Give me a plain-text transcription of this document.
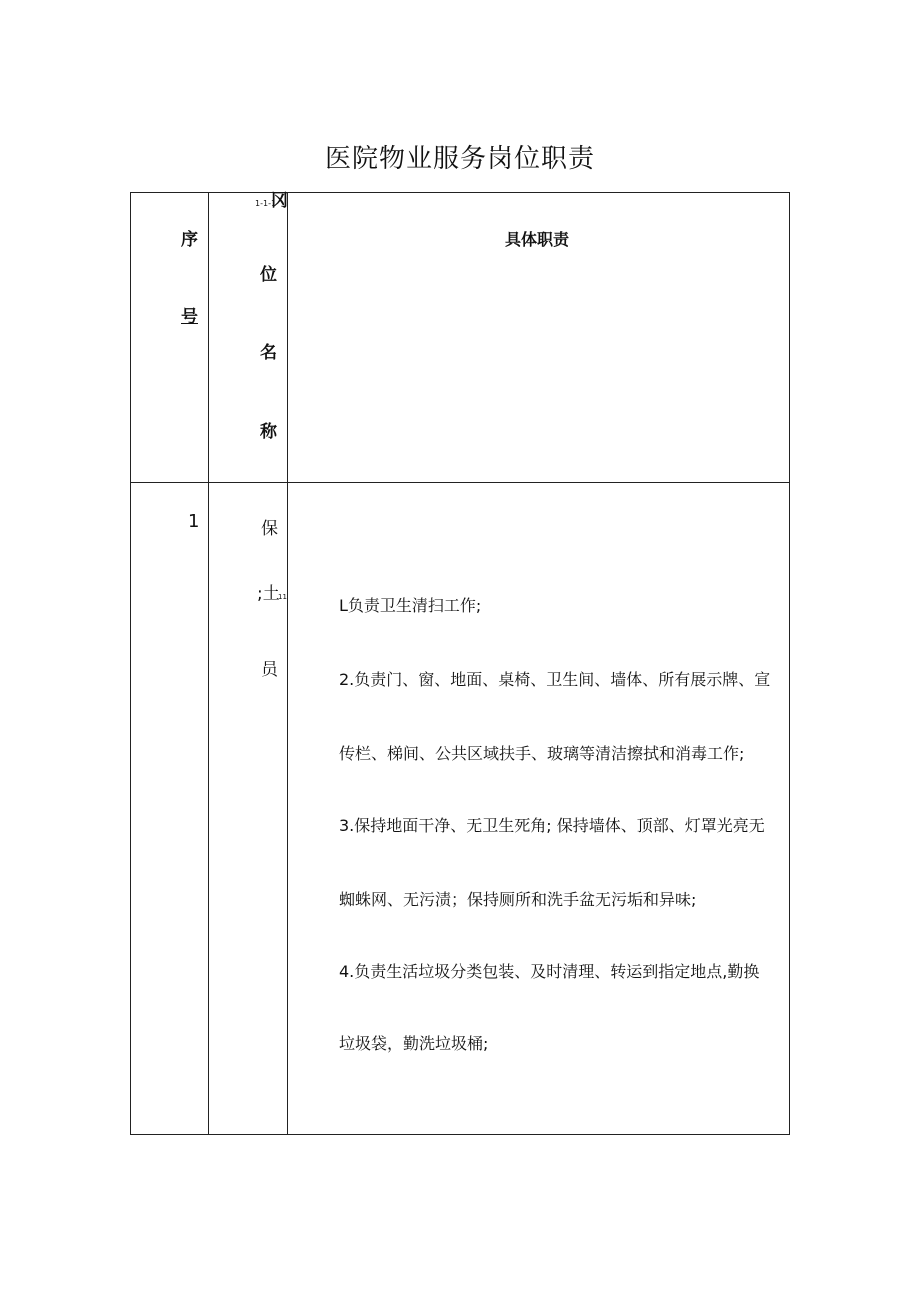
医院物业服务岗位职责
序
号
1-1-1
冈
位
名
称
具体职责
1	保
;土
11
员
L负责卫生清扫工作;
2.负责门、窗、地面、桌椅、卫生间、墙体、所有展示牌、宣
传栏、梯间、公共区域扶手、玻璃等清洁擦拭和消毒工作;
3.保持地面干净、无卫生死角; 保持墙体、顶部、灯罩光亮无
蜘蛛网、无污渍；保持厕所和洗手盆无污垢和异味;
4.负责生活垃圾分类包装、及时清理、转运到指定地点,勤换
垃圾袋，勤洗垃圾桶;
